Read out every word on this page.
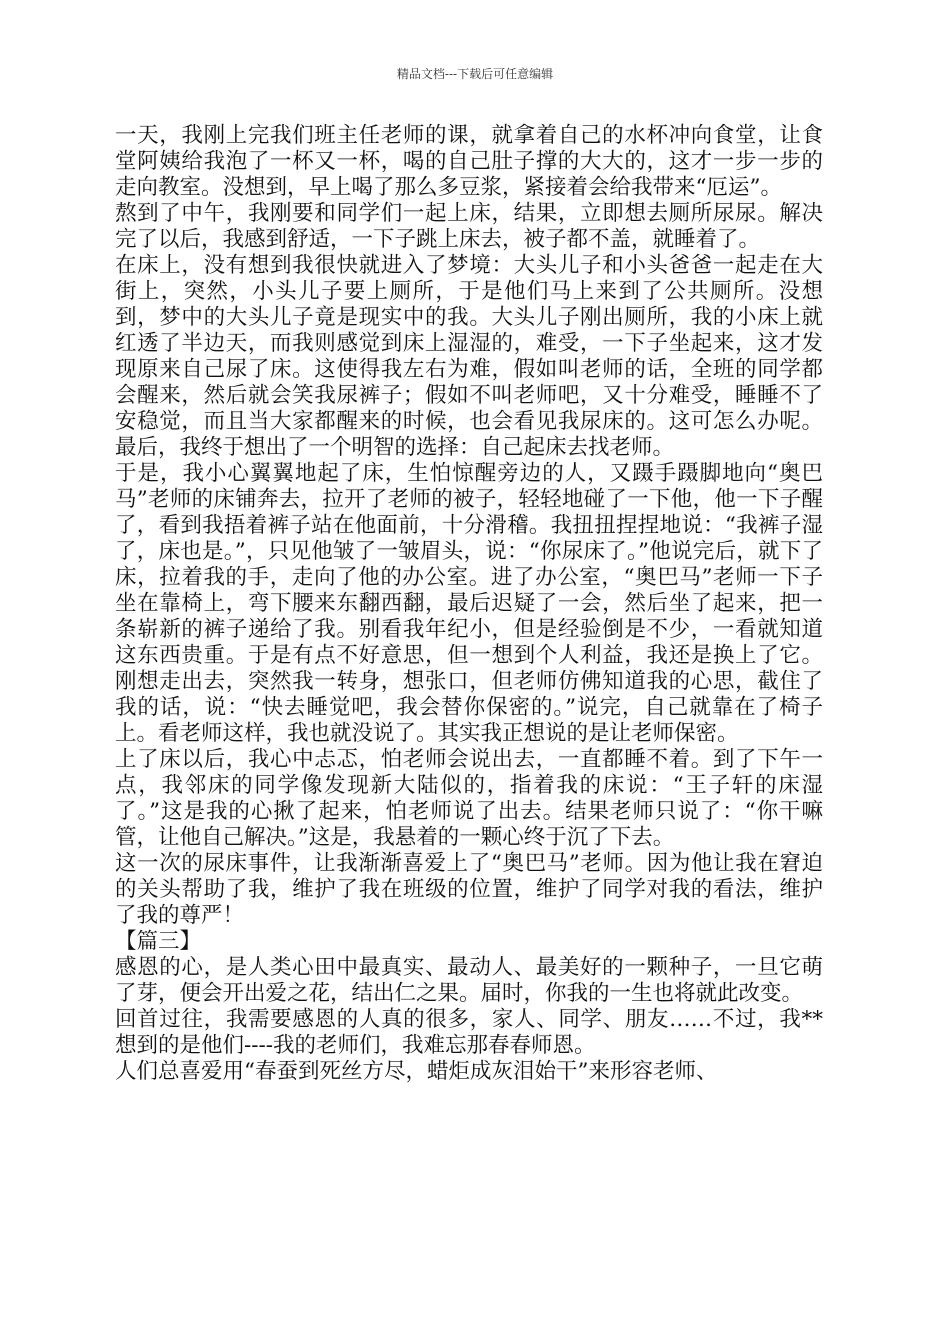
精品文档---下载后可任意编辑

一天，我刚上完我们班主任老师的课，就拿着自己的水杯冲向食堂，让食堂阿姨给我泡了一杯又一杯，喝的自己肚子撑的大大的，这才一步一步的走向教室。没想到，早上喝了那么多豆浆，紧接着会给我带来“厄运”。

熬到了中午，我刚要和同学们一起上床，结果，立即想去厕所尿尿。解决完了以后，我感到舒适，一下子跳上床去，被子都不盖，就睡着了。

在床上，没有想到我很快就进入了梦境：大头儿子和小头爸爸一起走在大街上，突然，小头儿子要上厕所，于是他们马上来到了公共厕所。没想到，梦中的大头儿子竟是现实中的我。大头儿子刚出厕所，我的小床上就红透了半边天，而我则感觉到床上湿湿的，难受，一下子坐起来，这才发现原来自己尿了床。这使得我左右为难，假如叫老师的话，全班的同学都会醒来，然后就会笑我尿裤子；假如不叫老师吧，又十分难受，睡睡不了安稳觉，而且当大家都醒来的时候，也会看见我尿床的。这可怎么办呢。最后，我终于想出了一个明智的选择：自己起床去找老师。

于是，我小心翼翼地起了床，生怕惊醒旁边的人，又蹑手蹑脚地向“奥巴马”老师的床铺奔去，拉开了老师的被子，轻轻地碰了一下他，他一下子醒了，看到我捂着裤子站在他面前，十分滑稽。我扭扭捏捏地说：“我裤子湿了，床也是。”，只见他皱了一皱眉头，说：“你尿床了。”他说完后，就下了床，拉着我的手，走向了他的办公室。进了办公室，“奥巴马”老师一下子坐在靠椅上，弯下腰来东翻西翻，最后迟疑了一会，然后坐了起来，把一条崭新的裤子递给了我。别看我年纪小，但是经验倒是不少，一看就知道这东西贵重。于是有点不好意思，但一想到个人利益，我还是换上了它。刚想走出去，突然我一转身，想张口，但老师仿佛知道我的心思，截住了我的话，说：“快去睡觉吧，我会替你保密的。”说完，自己就靠在了椅子上。看老师这样，我也就没说了。其实我正想说的是让老师保密。

上了床以后，我心中忐忑，怕老师会说出去，一直都睡不着。到了下午一点，我邻床的同学像发现新大陆似的，指着我的床说：“王子轩的床湿了。”这是我的心揪了起来，怕老师说了出去。结果老师只说了：“你干嘛管，让他自己解决。”这是，我悬着的一颗心终于沉了下去。

这一次的尿床事件，让我渐渐喜爱上了“奥巴马”老师。因为他让我在窘迫的关头帮助了我，维护了我在班级的位置，维护了同学对我的看法，维护了我的尊严！

【篇三】

感恩的心，是人类心田中最真实、最动人、最美好的一颗种子，一旦它萌了芽，便会开出爱之花，结出仁之果。届时，你我的一生也将就此改变。

回首过往，我需要感恩的人真的很多，家人、同学、朋友……不过，我**想到的是他们----我的老师们，我难忘那春春师恩。

人们总喜爱用“春蚕到死丝方尽，蜡炬成灰泪始干”来形容老师、
